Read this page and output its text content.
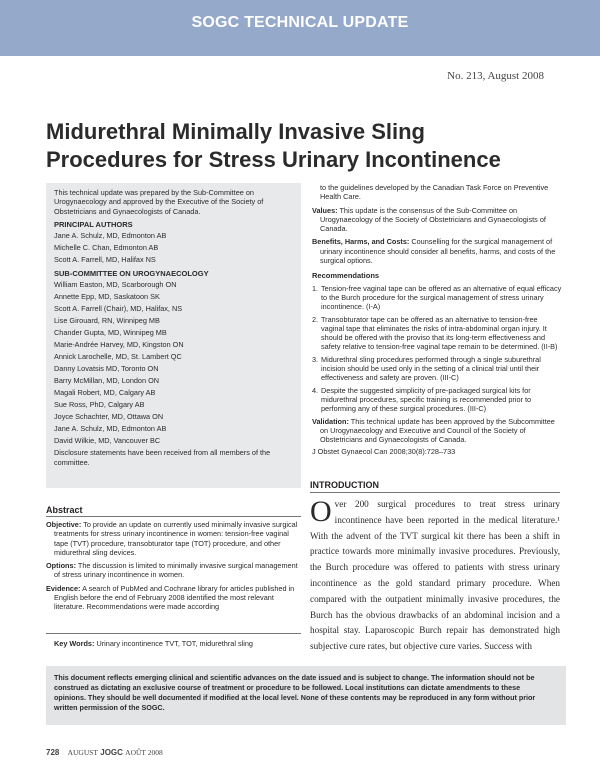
SOGC TECHNICAL UPDATE
No. 213, August 2008
Midurethral Minimally Invasive Sling
Procedures for Stress Urinary Incontinence
This technical update was prepared by the Sub-Committee on Urogynaecology and approved by the Executive of the Society of Obstetricians and Gynaecologists of Canada.
PRINCIPAL AUTHORS
Jane A. Schulz, MD, Edmonton AB
Michelle C. Chan, Edmonton AB
Scott A. Farrell, MD, Halifax NS
SUB-COMMITTEE ON UROGYNAECOLOGY
William Easton, MD, Scarborough ON
Annette Epp, MD, Saskatoon SK
Scott A. Farrell (Chair), MD, Halifax, NS
Lise Girouard, RN, Winnipeg MB
Chander Gupta, MD, Winnipeg MB
Marie-Andrée Harvey, MD, Kingston ON
Annick Larochelle, MD, St. Lambert QC
Danny Lovatsis MD, Toronto ON
Barry McMillan, MD, London ON
Magali Robert, MD, Calgary AB
Sue Ross, PhD, Calgary AB
Joyce Schachter, MD, Ottawa ON
Jane A. Schulz, MD, Edmonton AB
David Wilkie, MD, Vancouver BC
Disclosure statements have been received from all members of the committee.
Abstract
Objective: To provide an update on currently used minimally invasive surgical treatments for stress urinary incontinence in women: tension-free vaginal tape (TVT) procedure, transobturator tape (TOT) procedure, and other midurethral sling devices.
Options: The discussion is limited to minimally invasive surgical management of stress urinary incontinence in women.
Evidence: A search of PubMed and Cochrane library for articles published in English before the end of February 2008 identified the most relevant literature. Recommendations were made according
Key Words: Urinary incontinence TVT, TOT, midurethral sling
to the guidelines developed by the Canadian Task Force on Preventive Health Care.
Values: This update is the consensus of the Sub-Committee on Urogynaecology of the Society of Obstetricians and Gynaecologists of Canada.
Benefits, Harms, and Costs: Counselling for the surgical management of urinary incontinence should consider all benefits, harms, and costs of the surgical options.
Recommendations
1. Tension-free vaginal tape can be offered as an alternative of equal efficacy to the Burch procedure for the surgical management of stress urinary incontinence. (I-A)
2. Transobturator tape can be offered as an alternative to tension-free vaginal tape that eliminates the risks of intra-abdominal organ injury. It should be offered with the proviso that its long-term effectiveness and safety relative to tension-free vaginal tape remain to be determined. (II-B)
3. Midurethral sling procedures performed through a single suburethral incision should be used only in the setting of a clinical trial until their effectiveness and safety are proven. (III-C)
4. Despite the suggested simplicity of pre-packaged surgical kits for midurethral procedures, specific training is recommended prior to performing any of these surgical procedures. (III-C)
Validation: This technical update has been approved by the Subcommittee on Urogynaecology and Executive and Council of the Society of Obstetricians and Gynaecologists of Canada.
J Obstet Gynaecol Can 2008;30(8):728–733
INTRODUCTION
Over 200 surgical procedures to treat stress urinary incontinence have been reported in the medical literature.¹ With the advent of the TVT surgical kit there has been a shift in practice towards more minimally invasive procedures. Previously, the Burch procedure was offered to patients with stress urinary incontinence as the gold standard primary procedure. When compared with the outpatient minimally invasive procedures, the Burch has the obvious drawbacks of an abdominal incision and a hospital stay. Laparoscopic Burch repair has demonstrated high subjective cure rates, but objective cure varies. Success with
This document reflects emerging clinical and scientific advances on the date issued and is subject to change. The information should not be construed as dictating an exclusive course of treatment or procedure to be followed. Local institutions can dictate amendments to these opinions. They should be well documented if modified at the local level. None of these contents may be reproduced in any form without prior written permission of the SOGC.
728 AUGUST JOGC AOÛT 2008
